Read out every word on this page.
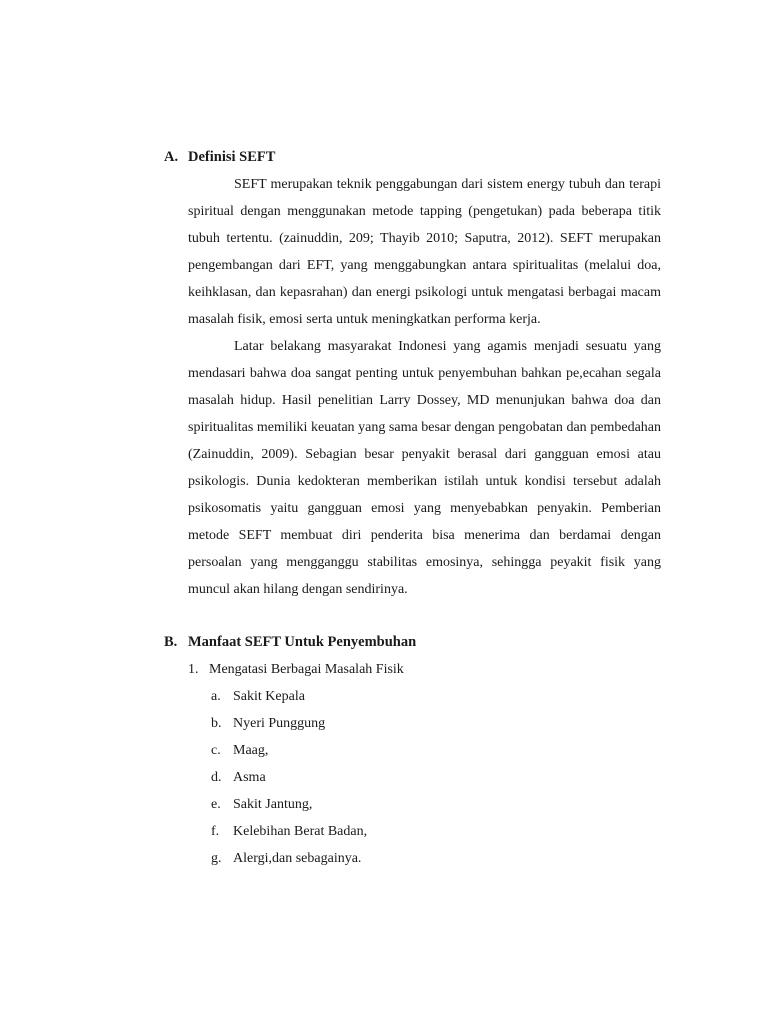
A. Definisi SEFT

SEFT merupakan teknik penggabungan dari sistem energy tubuh dan terapi spiritual dengan menggunakan metode tapping (pengetukan) pada beberapa titik tubuh tertentu. (zainuddin, 209; Thayib 2010; Saputra, 2012). SEFT merupakan pengembangan dari EFT, yang menggabungkan antara spiritualitas (melalui doa, keihklasan, dan kepasrahan) dan energi psikologi untuk mengatasi berbagai macam masalah fisik, emosi serta untuk meningkatkan performa kerja.

Latar belakang masyarakat Indonesi yang agamis menjadi sesuatu yang mendasari bahwa doa sangat penting untuk penyembuhan bahkan pe,ecahan segala masalah hidup. Hasil penelitian Larry Dossey, MD menunjukan bahwa doa dan spiritualitas memiliki keuatan yang sama besar dengan pengobatan dan pembedahan (Zainuddin, 2009). Sebagian besar penyakit berasal dari gangguan emosi atau psikologis. Dunia kedokteran memberikan istilah untuk kondisi tersebut adalah psikosomatis yaitu gangguan emosi yang menyebabkan penyakin. Pemberian metode SEFT membuat diri penderita bisa menerima dan berdamai dengan persoalan yang mengganggu stabilitas emosinya, sehingga peyakit fisik yang muncul akan hilang dengan sendirinya.

B. Manfaat SEFT Untuk Penyembuhan
1. Mengatasi Berbagai Masalah Fisik
a. Sakit Kepala
b. Nyeri Punggung
c. Maag,
d. Asma
e. Sakit Jantung,
f. Kelebihan Berat Badan,
g. Alergi,dan sebagainya.
